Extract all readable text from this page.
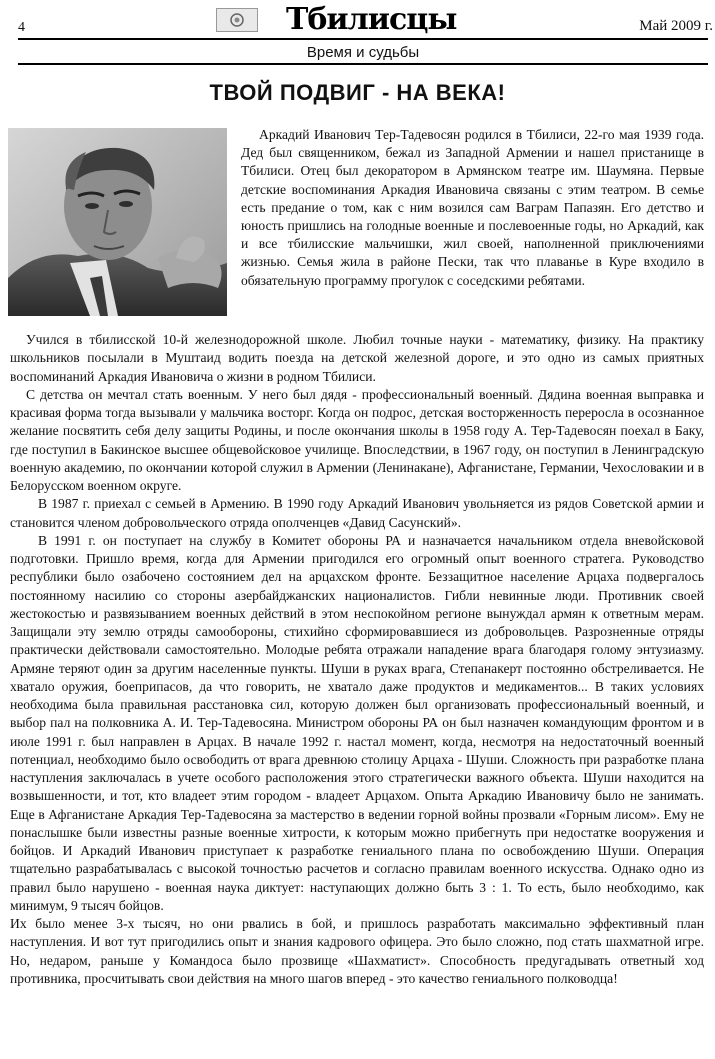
4	Тбилисцы	Май 2009 г.
Время и судьбы
ТВОЙ ПОДВИГ - НА ВЕКА!

Аркадий Иванович Тер-Тадевосян родился в Тбилиси, 22-го мая 1939 года. Дед был священником, бежал из Западной Армении и нашел пристанище в Тбилиси. Отец был декоратором в Армянском театре им. Шаумяна. Первые детские воспоминания Аркадия Ивановича связаны с этим театром. В семье есть предание о том, как с ним возился сам Ваграм Папазян. Его детство и юность пришлись на голодные военные и послевоенные годы, но Аркадий, как и все тбилисские мальчишки, жил своей, наполненной приключениями жизнью. Семья жила в районе Пески, так что плаванье в Куре входило в обязательную программу прогулок с соседскими ребятами.

Учился в тбилисской 10-й железнодорожной школе. Любил точные науки - математику, физику. На практику школьников посылали в Муштаид водить поезда на детской железной дороге, и это одно из самых приятных воспоминаний Аркадия Ивановича о жизни в родном Тбилиси.

С детства он мечтал стать военным. У него был дядя - профессиональный военный. Дядина военная выправка и красивая форма тогда вызывали у мальчика восторг. Когда он подрос, детская восторженность переросла в осознанное желание посвятить себя делу защиты Родины, и после окончания школы в 1958 году А. Тер-Тадевосян поехал в Баку, где поступил в Бакинское высшее общевойсковое училище. Впоследствии, в 1967 году, он поступил в Ленинградскую военную академию, по окончании которой служил в Армении (Ленинакане), Афганистане, Германии, Чехословакии и в Белорусском военном округе.

В 1987 г. приехал с семьей в Армению. В 1990 году Аркадий Иванович увольняется из рядов Советской армии и становится членом добровольческого отряда ополченцев «Давид Сасунский».

В 1991 г. он поступает на службу в Комитет обороны РА и назначается начальником отдела вневойсковой подготовки. Пришло время, когда для Армении пригодился его огромный опыт военного стратега. Руководство республики было озабочено состоянием дел на арцахском фронте. Беззащитное население Арцаха подвергалось постоянному насилию со стороны азербайджанских националистов. Гибли невинные люди. Противник своей жестокостью и развязыванием военных действий в этом неспокойном регионе вынуждал армян к ответным мерам. Защищали эту землю отряды самообороны, стихийно сформировавшиеся из добровольцев. Разрозненные отряды практически действовали самостоятельно. Молодые ребята отражали нападение врага благодаря голому энтузиазму. Армяне теряют один за другим населенные пункты. Шуши в руках врага, Степанакерт постоянно обстреливается. Не хватало оружия, боеприпасов, да что говорить, не хватало даже продуктов и медикаментов... В таких условиях необходима была правильная расстановка сил, которую должен был организовать профессиональный военный, и выбор пал на полковника А. И. Тер-Тадевосяна. Министром обороны РА он был назначен командующим фронтом и в июле 1991 г. был направлен в Арцах. В начале 1992 г. настал момент, когда, несмотря на недостаточный военный потенциал, необходимо было освободить от врага древнюю столицу Арцаха - Шуши. Сложность при разработке плана наступления заключалась в учете особого расположения этого стратегически важного объекта. Шуши находится на возвышенности, и тот, кто владеет этим городом - владеет Арцахом. Опыта Аркадию Ивановичу было не занимать. Еще в Афганистане Аркадия Тер-Тадевосяна за мастерство в ведении горной войны прозвали «Горным лисом». Ему не понаслышке были известны разные военные хитрости, к которым можно прибегнуть при недостатке вооружения и бойцов. И Аркадий Иванович приступает к разработке гениального плана по освобождению Шуши. Операция тщательно разрабатывалась с высокой точностью расчетов и согласно правилам военного искусства. Однако одно из правил было нарушено - военная наука диктует: наступающих должно быть 3 : 1. То есть, было необходимо, как минимум, 9 тысяч бойцов.

Их было менее 3-х тысяч, но они рвались в бой, и пришлось разработать максимально эффективный план наступления. И вот тут пригодились опыт и знания кадрового офицера. Это было сложно, под стать шахматной игре. Но, недаром, раньше у Командоса было прозвище «Шахматист». Способность предугадывать ответный ход противника, просчитывать свои действия на много шагов вперед - это качество гениального полководца!
